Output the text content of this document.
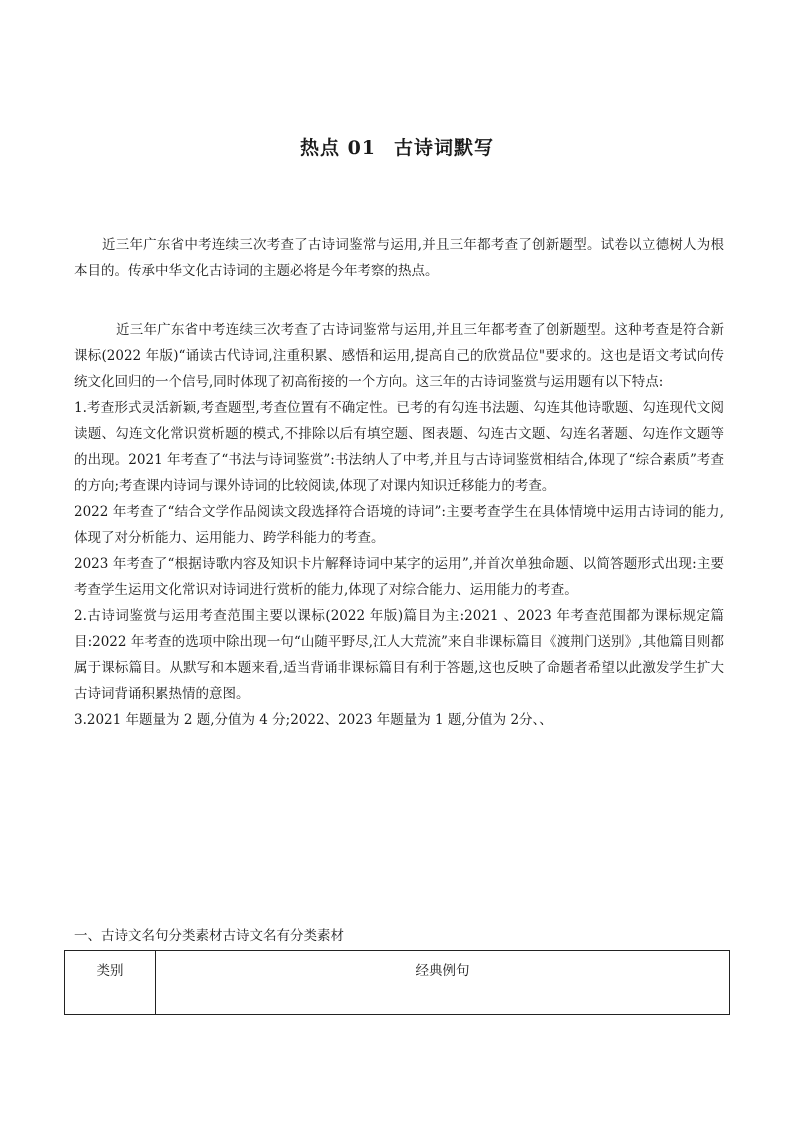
热点 01 古诗词默写

近三年广东省中考连续三次考查了古诗词鉴常与运用,并且三年都考查了创新题型。试卷以立德树人为根本目的。传承中华文化古诗词的主题必将是今年考察的热点。

近三年广东省中考连续三次考查了古诗词鉴常与运用,并且三年都考查了创新题型。这种考查是符合新课标(2022 年版)“诵读古代诗词,注重积累、感悟和运用,提高自己的欣赏品位"要求的。这也是语文考试向传统文化回归的一个信号,同时体现了初高衔接的一个方向。这三年的古诗词鉴赏与运用题有以下特点:
1.考查形式灵活新颖,考查题型,考查位置有不确定性。已考的有勾连书法题、勾连其他诗歌题、勾连现代文阅读题、勾连文化常识赏析题的模式,不排除以后有填空题、图表题、勾连古文题、勾连名著题、勾连作文题等的出现。2021 年考查了“书法与诗词鉴赏”:书法纳人了中考,并且与古诗词鉴赏相结合,体现了“综合素质”考查的方向;考查课内诗词与课外诗词的比较阅读,体现了对课内知识迁移能力的考查。
2022 年考查了“结合文学作品阅读文段选择符合语境的诗词”:主要考查学生在具体情境中运用古诗词的能力,体现了对分析能力、运用能力、跨学科能力的考查。
2023 年考查了“根据诗歌内容及知识卡片解释诗词中某字的运用”,并首次单独命题、以简答题形式出现:主要考查学生运用文化常识对诗词进行赏析的能力,体现了对综合能力、运用能力的考查。
2.古诗词鉴赏与运用考查范围主要以课标(2022 年版)篇目为主:2021 、2023 年考查范围都为课标规定篇目:2022 年考查的选项中除出现一句“山随平野尽,江人大荒流”来自非课标篇目《渡荆门送别》,其他篇目则都属于课标篇目。从默写和本题来看,适当背诵非课标篇目有利于答题,这也反映了命题者希望以此激发学生扩大古诗词背诵积累热情的意图。
3.2021 年题量为 2 题,分值为 4 分;2022、2023 年题量为 1 题,分值为 2分、、

一、古诗文名句分类素材古诗文名有分类素材

类别	经典例句
